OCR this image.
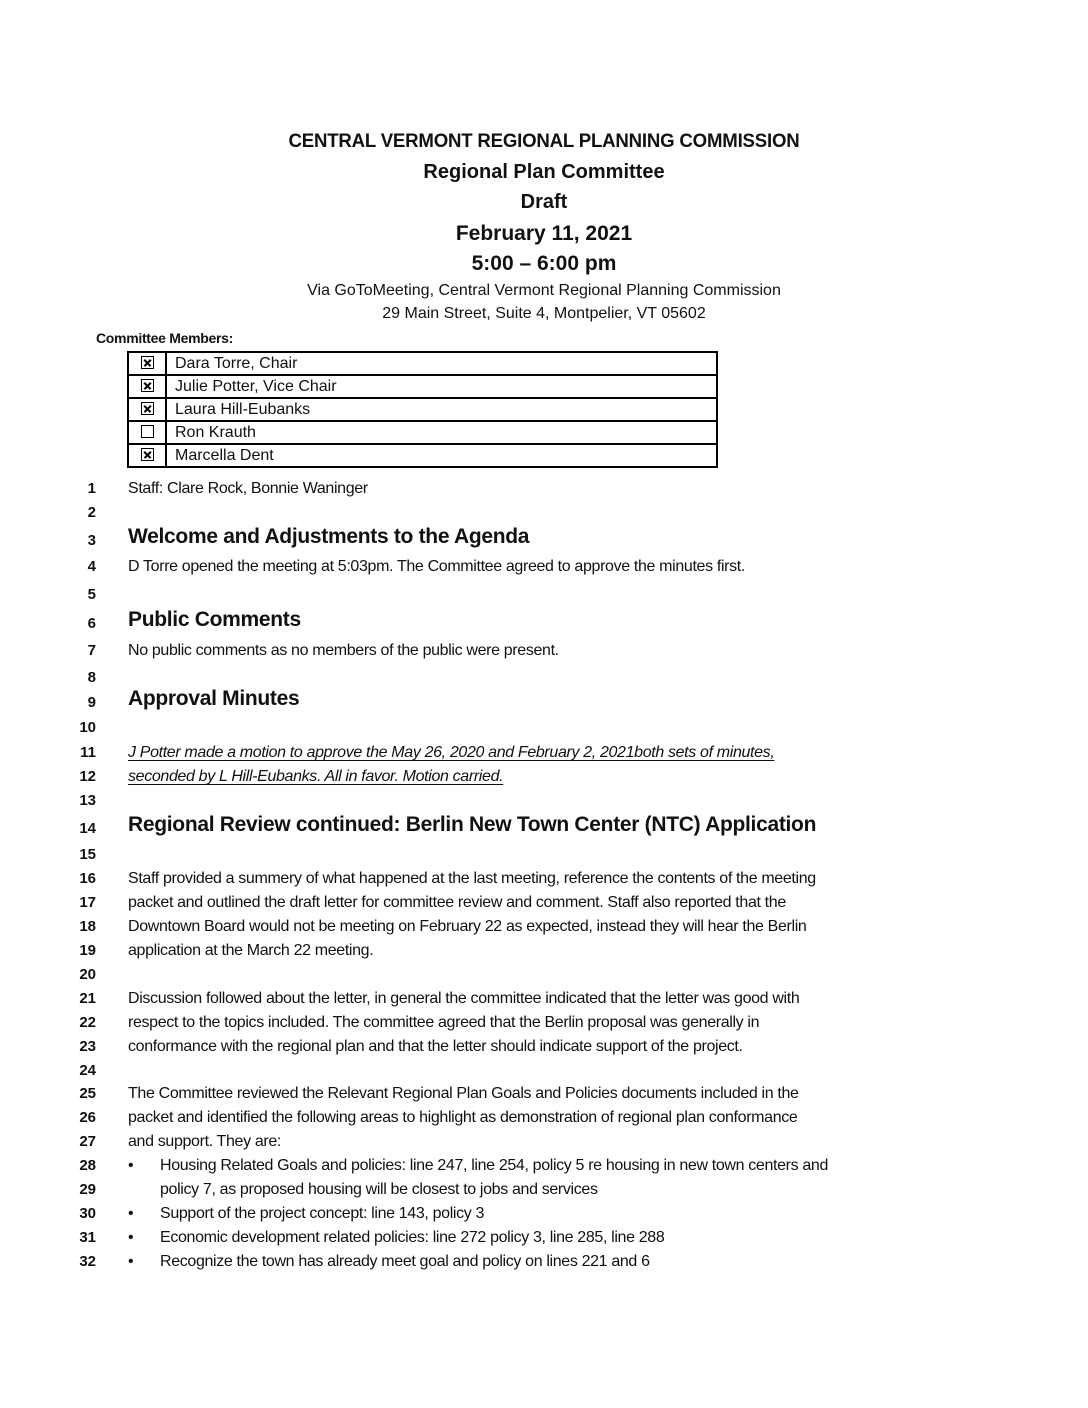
CENTRAL VERMONT REGIONAL PLANNING COMMISSION
Regional Plan Committee
Draft
February 11, 2021
5:00 – 6:00 pm
Via GoToMeeting, Central Vermont Regional Planning Commission
29 Main Street, Suite 4, Montpelier, VT 05602
Committee Members:
	Dara Torre, Chair
	Julie Potter, Vice Chair
	Laura Hill-Eubanks
	Ron Krauth
	Marcella Dent
1 Staff: Clare Rock, Bonnie Waninger
2
3 Welcome and Adjustments to the Agenda
4 D Torre opened the meeting at 5:03pm. The Committee agreed to approve the minutes first.
5
6 Public Comments
7 No public comments as no members of the public were present.
8
9 Approval Minutes
10
11 J Potter made a motion to approve the May 26, 2020 and February 2, 2021both sets of minutes,
12 seconded by L Hill-Eubanks. All in favor. Motion carried.
13
14 Regional Review continued: Berlin New Town Center (NTC) Application
15
16 Staff provided a summery of what happened at the last meeting, reference the contents of the meeting
17 packet and outlined the draft letter for committee review and comment. Staff also reported that the
18 Downtown Board would not be meeting on February 22 as expected, instead they will hear the Berlin
19 application at the March 22 meeting.
20
21 Discussion followed about the letter, in general the committee indicated that the letter was good with
22 respect to the topics included. The committee agreed that the Berlin proposal was generally in
23 conformance with the regional plan and that the letter should indicate support of the project.
24
25 The Committee reviewed the Relevant Regional Plan Goals and Policies documents included in the
26 packet and identified the following areas to highlight as demonstration of regional plan conformance
27 and support. They are:
28 • Housing Related Goals and policies: line 247, line 254, policy 5 re housing in new town centers and
29	policy 7, as proposed housing will be closest to jobs and services
30 • Support of the project concept: line 143, policy 3
31 • Economic development related policies: line 272 policy 3, line 285, line 288
32 • Recognize the town has already meet goal and policy on lines 221 and 6
